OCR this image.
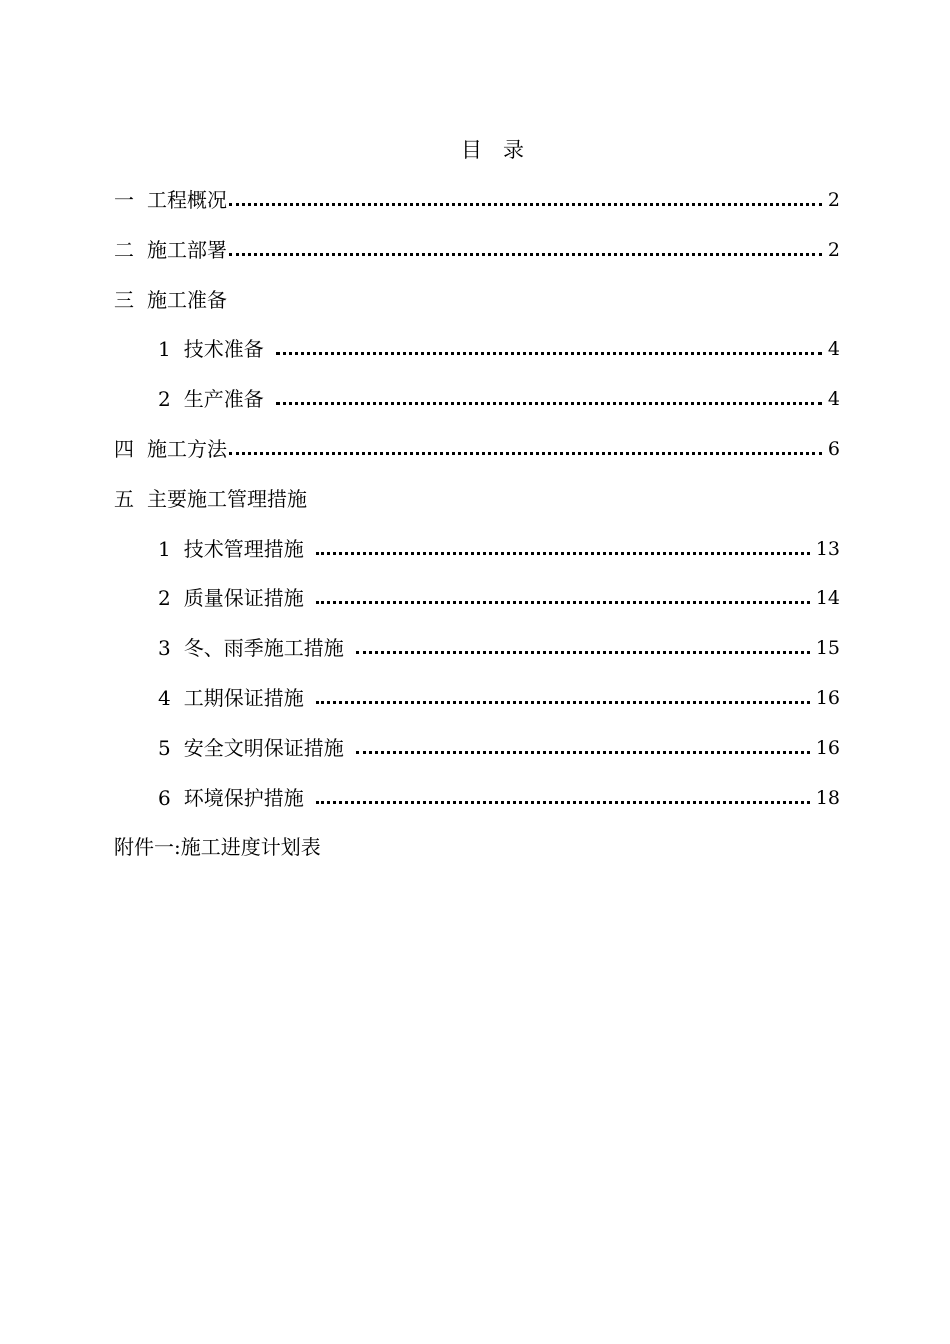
目　录
一 工程概况	2
二 施工部署	2
三 施工准备
1 技术准备	4
2 生产准备	4
四 施工方法	6
五 主要施工管理措施
1 技术管理措施	13
2 质量保证措施	14
3 冬、雨季施工措施	15
4 工期保证措施	16
5 安全文明保证措施	16
6 环境保护措施	18
附件一:施工进度计划表
